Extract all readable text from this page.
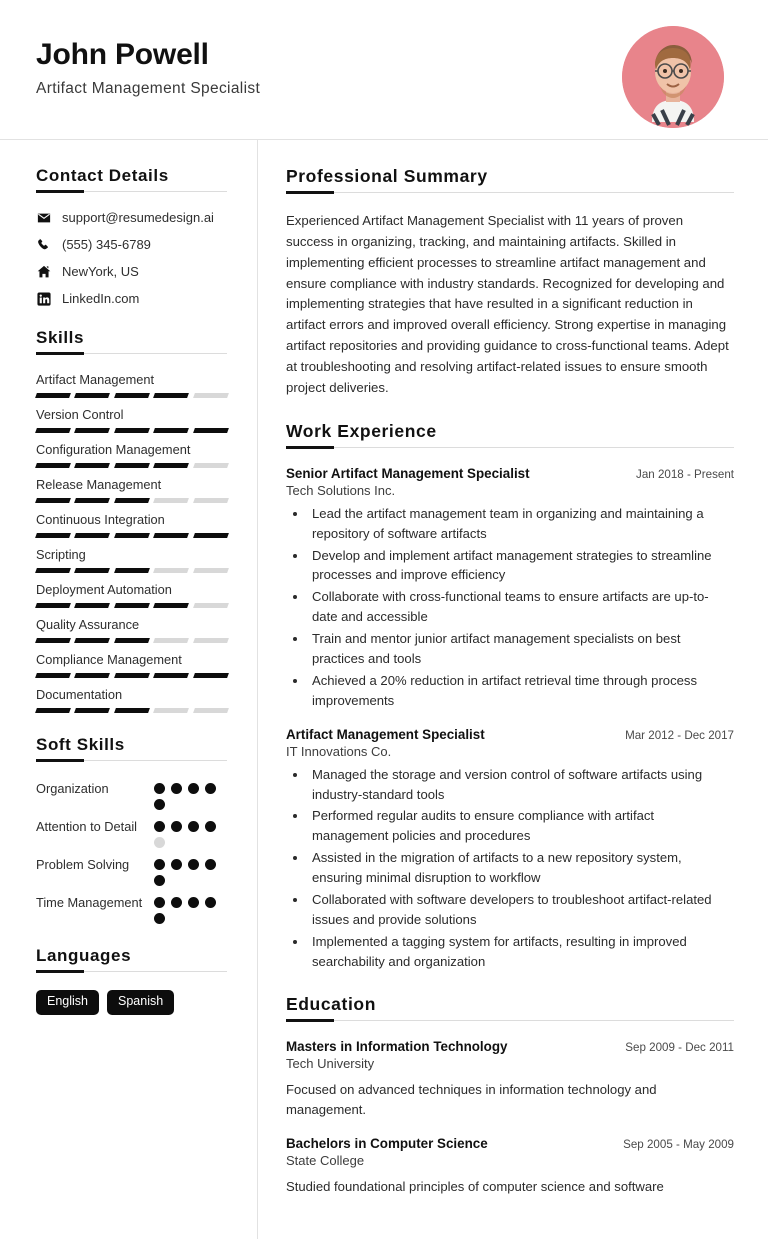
John Powell
Artifact Management Specialist
Contact Details
support@resumedesign.ai
(555) 345-6789
NewYork, US
LinkedIn.com
Skills
Artifact Management
Version Control
Configuration Management
Release Management
Continuous Integration
Scripting
Deployment Automation
Quality Assurance
Compliance Management
Documentation
Soft Skills
Organization
Attention to Detail
Problem Solving
Time Management
Languages
English	Spanish
Professional Summary
Experienced Artifact Management Specialist with 11 years of proven success in organizing, tracking, and maintaining artifacts. Skilled in implementing efficient processes to streamline artifact management and ensure compliance with industry standards. Recognized for developing and implementing strategies that have resulted in a significant reduction in artifact errors and improved overall efficiency. Strong expertise in managing artifact repositories and providing guidance to cross-functional teams. Adept at troubleshooting and resolving artifact-related issues to ensure smooth project deliveries.
Work Experience
Senior Artifact Management Specialist	Jan 2018 - Present
Tech Solutions Inc.
• Lead the artifact management team in organizing and maintaining a repository of software artifacts
• Develop and implement artifact management strategies to streamline processes and improve efficiency
• Collaborate with cross-functional teams to ensure artifacts are up-to-date and accessible
• Train and mentor junior artifact management specialists on best practices and tools
• Achieved a 20% reduction in artifact retrieval time through process improvements
Artifact Management Specialist	Mar 2012 - Dec 2017
IT Innovations Co.
• Managed the storage and version control of software artifacts using industry-standard tools
• Performed regular audits to ensure compliance with artifact management policies and procedures
• Assisted in the migration of artifacts to a new repository system, ensuring minimal disruption to workflow
• Collaborated with software developers to troubleshoot artifact-related issues and provide solutions
• Implemented a tagging system for artifacts, resulting in improved searchability and organization
Education
Masters in Information Technology	Sep 2009 - Dec 2011
Tech University
Focused on advanced techniques in information technology and management.
Bachelors in Computer Science	Sep 2005 - May 2009
State College
Studied foundational principles of computer science and software
